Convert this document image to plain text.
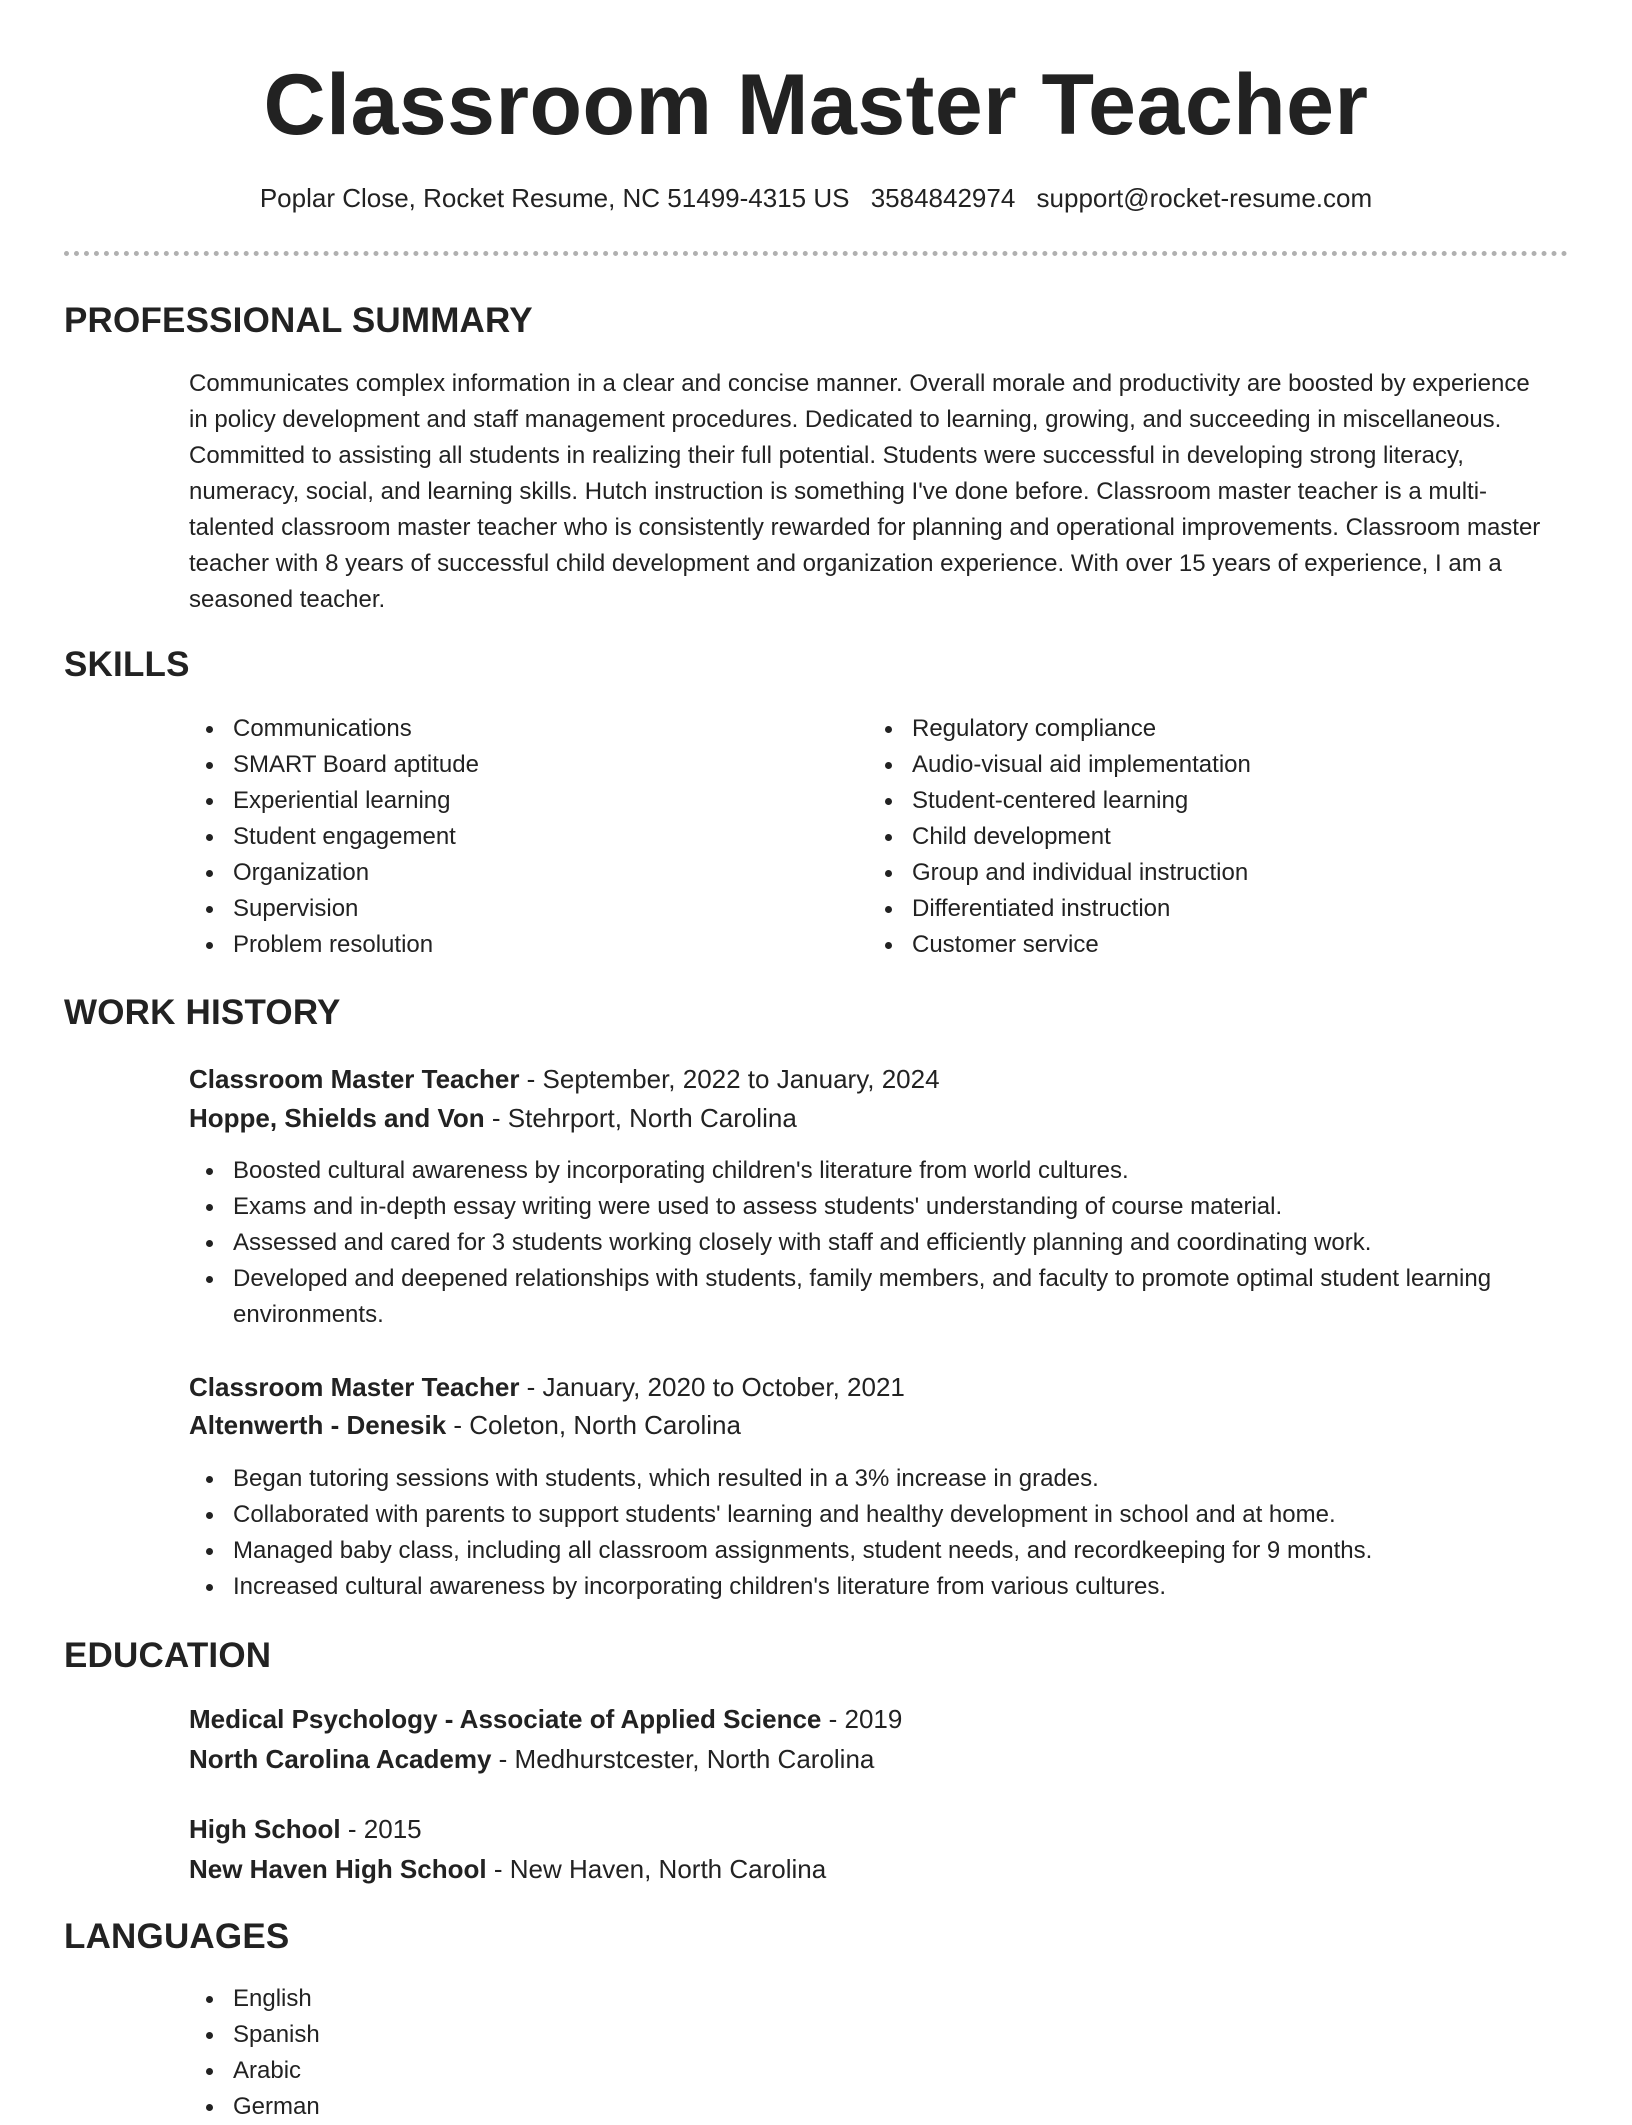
Classroom Master Teacher
Poplar Close, Rocket Resume, NC 51499-4315 US 3584842974 support@rocket-resume.com
PROFESSIONAL SUMMARY
Communicates complex information in a clear and concise manner. Overall morale and productivity are boosted by experience in policy development and staff management procedures. Dedicated to learning, growing, and succeeding in miscellaneous. Committed to assisting all students in realizing their full potential. Students were successful in developing strong literacy, numeracy, social, and learning skills. Hutch instruction is something I've done before. Classroom master teacher is a multi-talented classroom master teacher who is consistently rewarded for planning and operational improvements. Classroom master teacher with 8 years of successful child development and organization experience. With over 15 years of experience, I am a seasoned teacher.
SKILLS
Communications
SMART Board aptitude
Experiential learning
Student engagement
Organization
Supervision
Problem resolution
Regulatory compliance
Audio-visual aid implementation
Student-centered learning
Child development
Group and individual instruction
Differentiated instruction
Customer service
WORK HISTORY
Classroom Master Teacher - September, 2022 to January, 2024
Hoppe, Shields and Von - Stehrport, North Carolina
Boosted cultural awareness by incorporating children's literature from world cultures.
Exams and in-depth essay writing were used to assess students' understanding of course material.
Assessed and cared for 3 students working closely with staff and efficiently planning and coordinating work.
Developed and deepened relationships with students, family members, and faculty to promote optimal student learning environments.
Classroom Master Teacher - January, 2020 to October, 2021
Altenwerth - Denesik - Coleton, North Carolina
Began tutoring sessions with students, which resulted in a 3% increase in grades.
Collaborated with parents to support students' learning and healthy development in school and at home.
Managed baby class, including all classroom assignments, student needs, and recordkeeping for 9 months.
Increased cultural awareness by incorporating children's literature from various cultures.
EDUCATION
Medical Psychology - Associate of Applied Science - 2019
North Carolina Academy - Medhurstcester, North Carolina
High School - 2015
New Haven High School - New Haven, North Carolina
LANGUAGES
English
Spanish
Arabic
German
